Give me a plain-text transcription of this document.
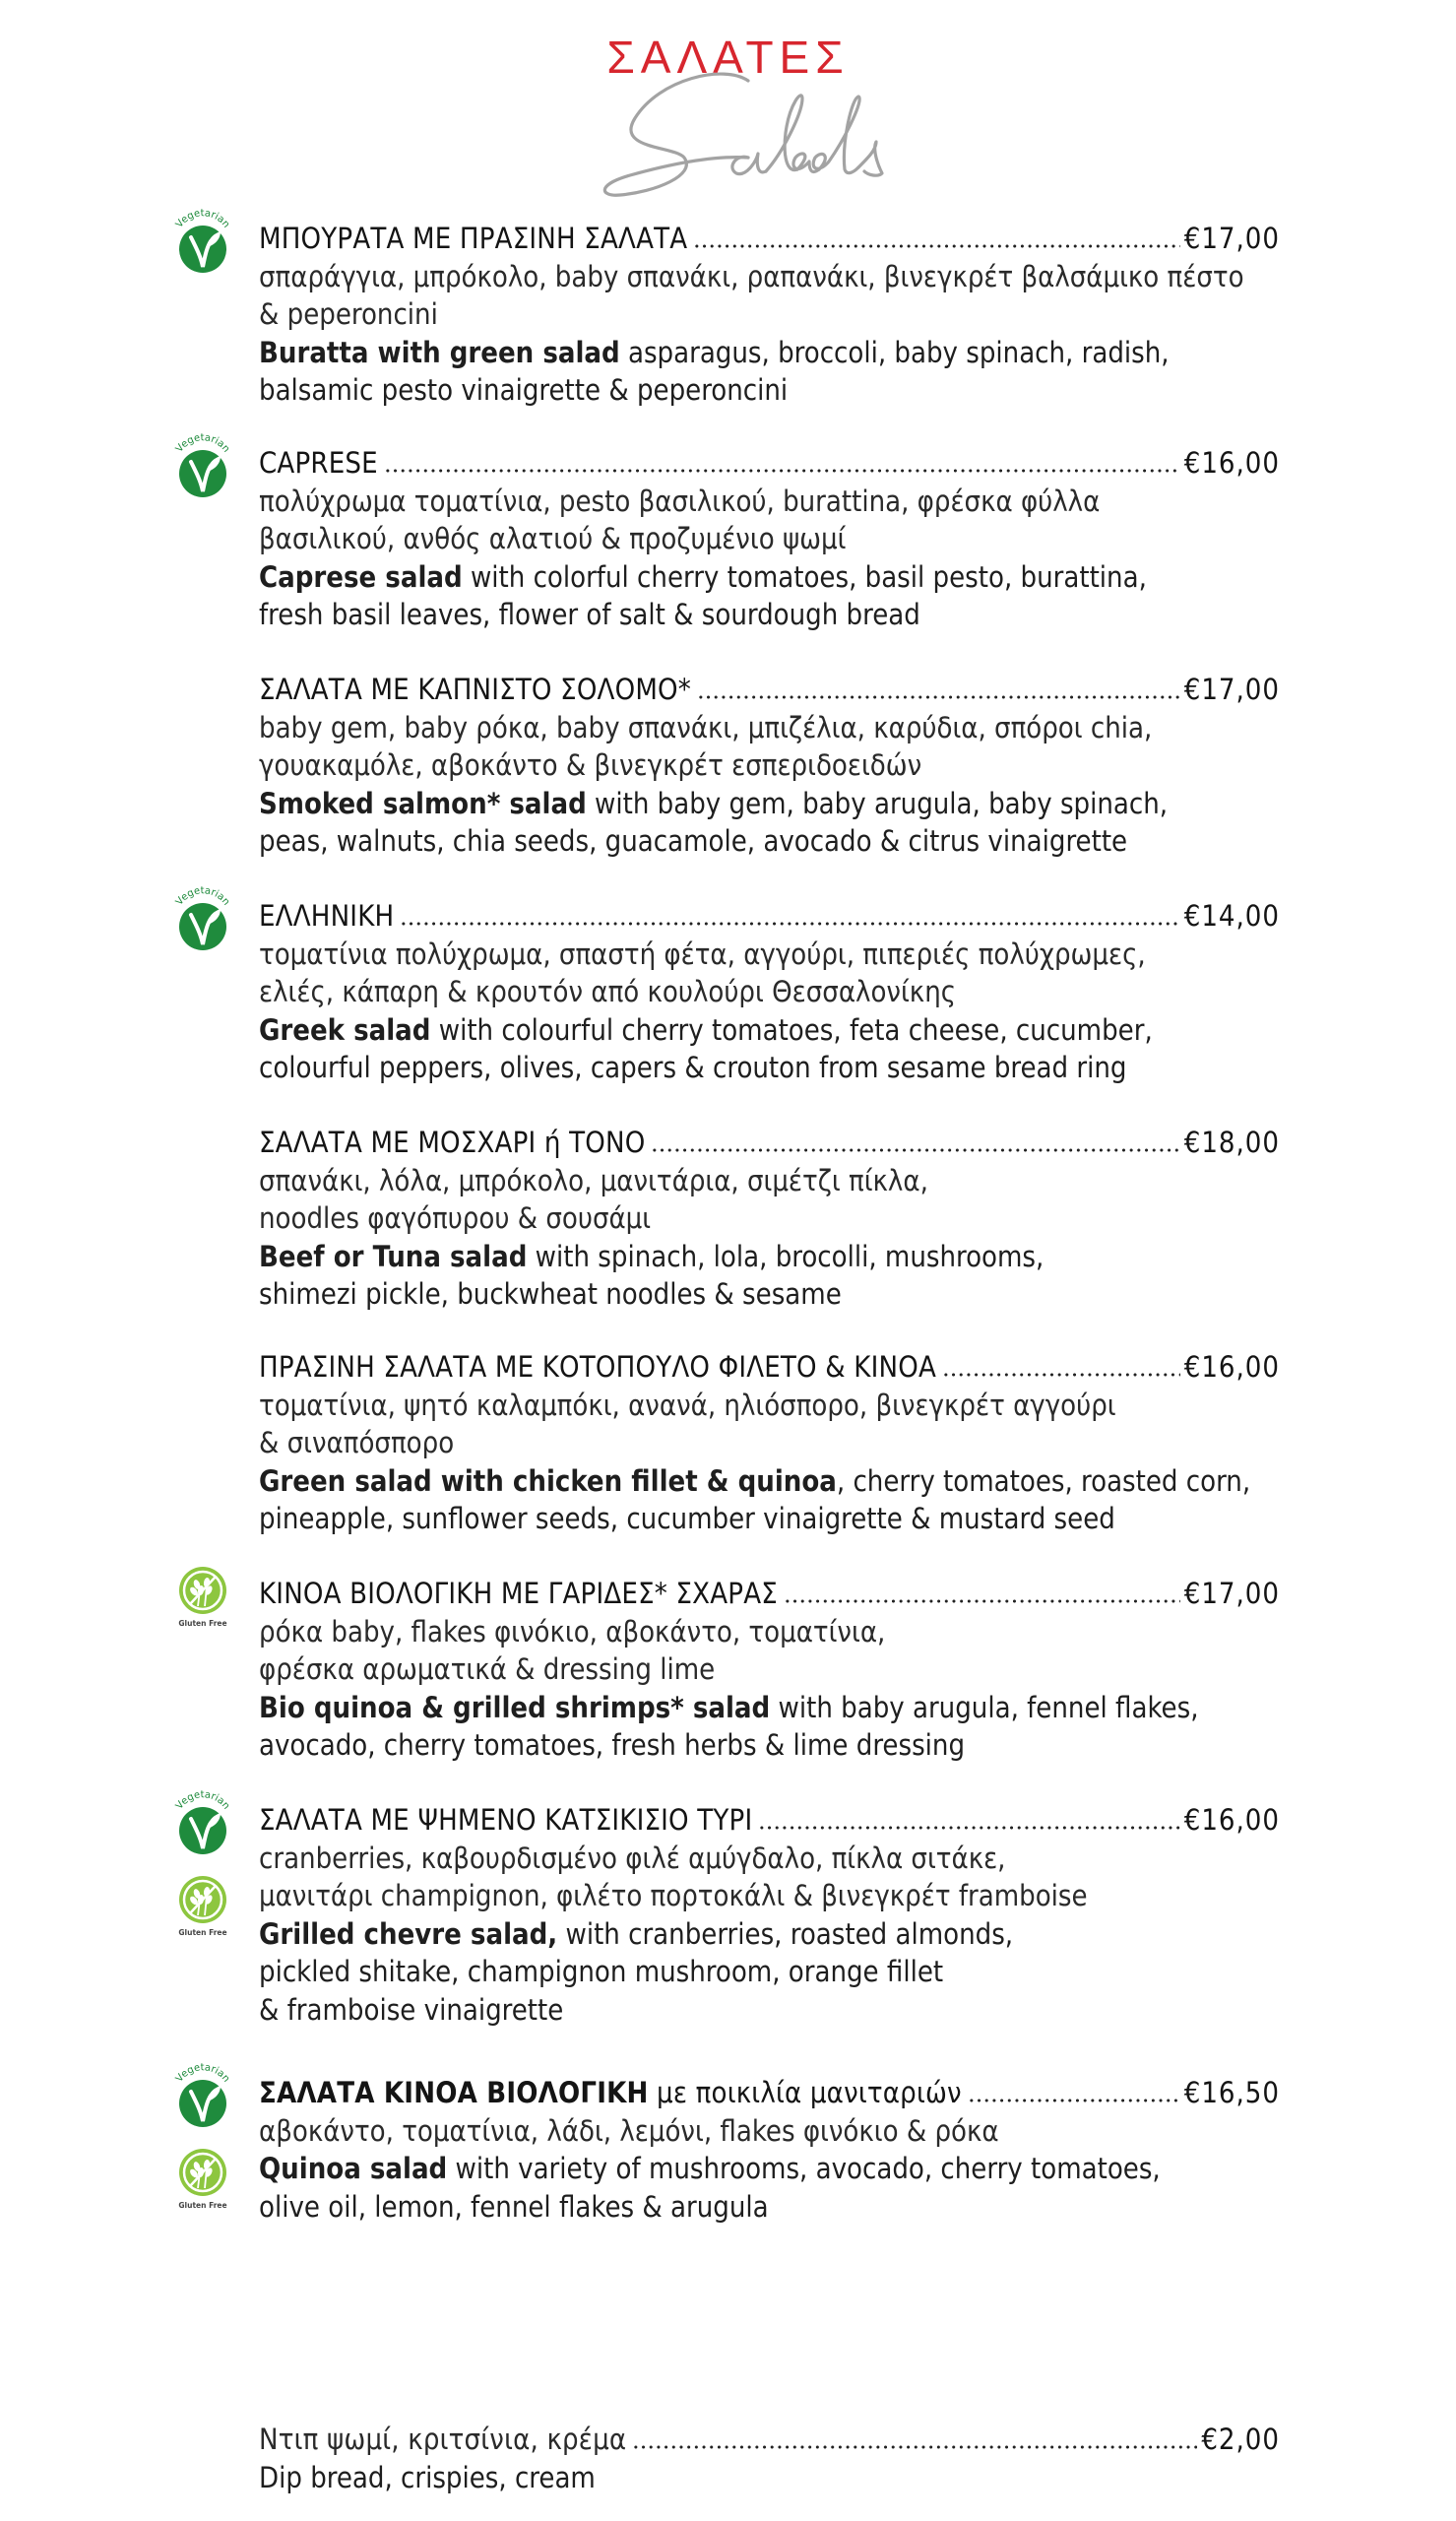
ΣΑΛΑΤΕΣ
Vegetarian ΜΠΟΥΡΑΤΑ ΜΕ ΠΡΑΣΙΝΗ ΣΑΛΑΤΑ	€17,00
σπαράγγια, μπρόκολο, baby σπανάκι, ραπανάκι, βινεγκρέτ βαλσάμικο πέστο
& peperoncini
Buratta with green salad asparagus, broccoli, baby spinach, radish,
balsamic pesto vinaigrette & peperoncini
Vegetarian CAPRESE	€16,00
πολύχρωμα τοματίνια, pesto βασιλικού, burattina, φρέσκα φύλλα
βασιλικού, ανθός αλατιού & προζυμένιο ψωμί
Caprese salad with colorful cherry tomatoes, basil pesto, burattina,
fresh basil leaves, flower of salt & sourdough bread
ΣΑΛΑΤΑ ΜΕ ΚΑΠΝΙΣΤΟ ΣΟΛΟΜΟ*	€17,00
baby gem, baby ρόκα, baby σπανάκι, μπιζέλια, καρύδια, σπόροι chia,
γουακαμόλε, αβοκάντο & βινεγκρέτ εσπεριδοειδών
Smoked salmon* salad with baby gem, baby arugula, baby spinach,
peas, walnuts, chia seeds, guacamole, avocado & citrus vinaigrette
Vegetarian ΕΛΛΗΝΙΚΗ	€14,00
τοματίνια πολύχρωμα, σπαστή φέτα, αγγούρι, πιπεριές πολύχρωμες,
ελιές, κάπαρη & κρουτόν από κουλούρι Θεσσαλονίκης
Greek salad with colourful cherry tomatoes, feta cheese, cucumber,
colourful peppers, olives, capers & crouton from sesame bread ring
ΣΑΛΑΤΑ ΜΕ ΜΟΣΧΑΡΙ ή ΤΟΝΟ	€18,00
σπανάκι, λόλα, μπρόκολο, μανιτάρια, σιμέτζι πίκλα,
noodles φαγόπυρου & σουσάμι
Beef or Tuna salad with spinach, lola, brocolli, mushrooms,
shimezi pickle, buckwheat noodles & sesame
ΠΡΑΣΙΝΗ ΣΑΛΑΤΑ ΜΕ ΚΟΤΟΠΟΥΛΟ ΦΙΛΕΤΟ & ΚΙΝΟΑ	€16,00
τοματίνια, ψητό καλαμπόκι, ανανά, ηλιόσπορο, βινεγκρέτ αγγούρι
& σιναπόσπορο
Green salad with chicken fillet & quinoa, cherry tomatoes, roasted corn,
pineapple, sunflower seeds, cucumber vinaigrette & mustard seed
Gluten Free
ΚΙΝΟΑ ΒΙΟΛΟΓΙΚΗ ΜΕ ΓΑΡΙΔΕΣ* ΣΧΑΡΑΣ	€17,00
ρόκα baby, flakes φινόκιο, αβοκάντο, τοματίνια,
φρέσκα αρωματικά & dressing lime
Bio quinoa & grilled shrimps* salad with baby arugula, fennel flakes,
avocado, cherry tomatoes, fresh herbs & lime dressing
Vegetarian
Gluten Free
ΣΑΛΑΤΑ ΜΕ ΨΗΜΕΝΟ ΚΑΤΣΙΚΙΣΙΟ ΤΥΡΙ	€16,00
cranberries, καβουρδισμένο φιλέ αμύγδαλο, πίκλα σιτάκε,
μανιτάρι champignon, φιλέτο πορτοκάλι & βινεγκρέτ framboise
Grilled chevre salad, with cranberries, roasted almonds,
pickled shitake, champignon mushroom, orange fillet
& framboise vinaigrette
Vegetarian
Gluten Free
ΣΑΛΑΤΑ ΚΙΝΟΑ ΒΙΟΛΟΓΙΚΗ με ποικιλία μανιταριών	€16,50
αβοκάντο, τοματίνια, λάδι, λεμόνι, flakes φινόκιο & ρόκα
Quinoa salad with variety of mushrooms, avocado, cherry tomatoes,
olive oil, lemon, fennel flakes & arugula
Ντιπ ψωμί, κριτσίνια, κρέμα	€2,00
Dip bread, crispies, cream
